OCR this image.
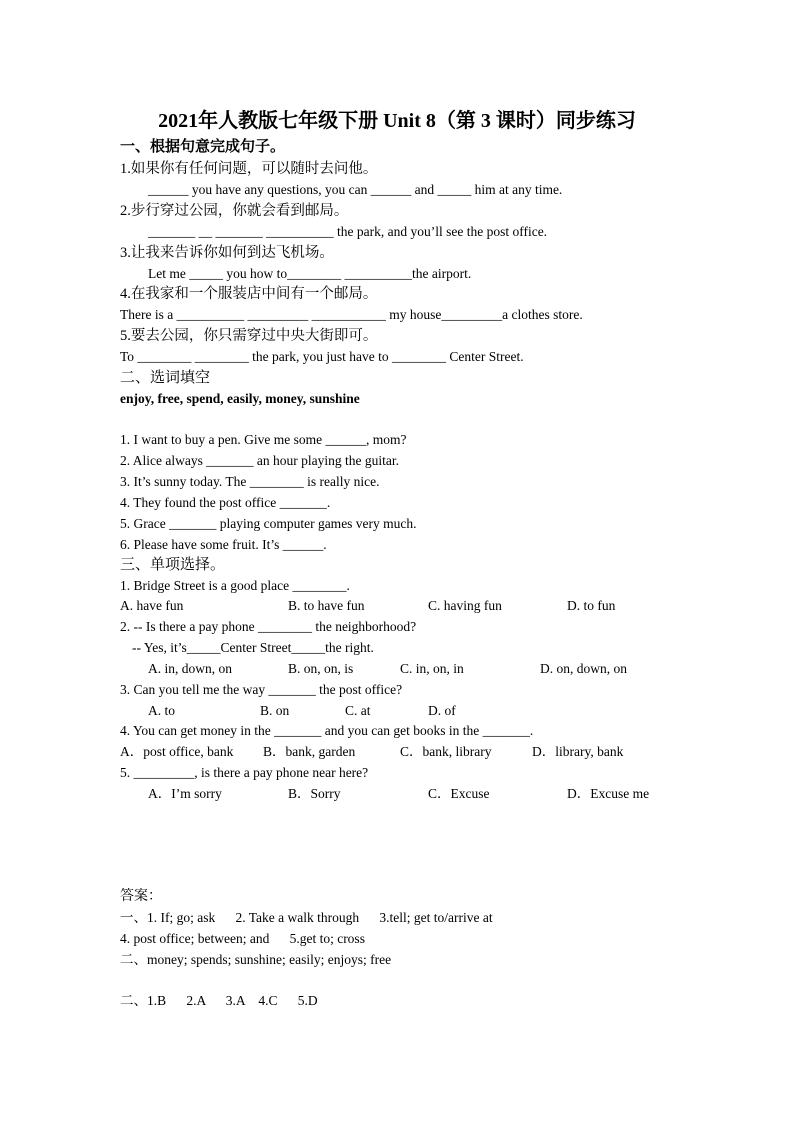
2021年人教版七年级下册 Unit 8（第 3 课时）同步练习
一、根据句意完成句子。
1.如果你有任何问题，可以随时去问他。
______ you have any questions, you can ______ and _____ him at any time.
2.步行穿过公园，你就会看到邮局。
_______ __ _______ __________ the park, and you’ll see the post office.
3.让我来告诉你如何到达飞机场。
Let me _____ you how to________ __________the airport.
4.在我家和一个服装店中间有一个邮局。
There is a __________ _________ ___________ my house_________a clothes store.
5.要去公园，你只需穿过中央大街即可。
To ________ ________ the park, you just have to ________ Center Street.
二、选词填空
enjoy, free, spend, easily, money, sunshine
1. I want to buy a pen. Give me some ______, mom?
2. Alice always _______ an hour playing the guitar.
3. It’s sunny today. The ________ is really nice.
4. They found the post office _______.
5. Grace _______ playing computer games very much.
6. Please have some fruit. It’s ______.
三、单项选择。
1. Bridge Street is a good place ________.
A. have fun	B. to have fun	C. having fun	D. to fun
2. -- Is there a pay phone ________ the neighborhood?
-- Yes, it’s_____Center Street_____the right.
A. in, down, on	B. on, on, is	C. in, on, in	D. on, down, on
3. Can you tell me the way _______ the post office?
A. to	B. on	C. at	D. of
4. You can get money in the _______ and you can get books in the _______.
A．post office, bank B．bank, garden	C．bank, library	D．library, bank
5. _________, is there a pay phone near here?
A．I’m sorry	B．Sorry	C．Excuse	D．Excuse me
答案：
一、1. If; go; ask      2. Take a walk through      3.tell; get to/arrive at
4. post office; between; and      5.get to; cross
二、money; spends; sunshine; easily; enjoys; free
二、1.B      2.A      3.A    4.C      5.D
